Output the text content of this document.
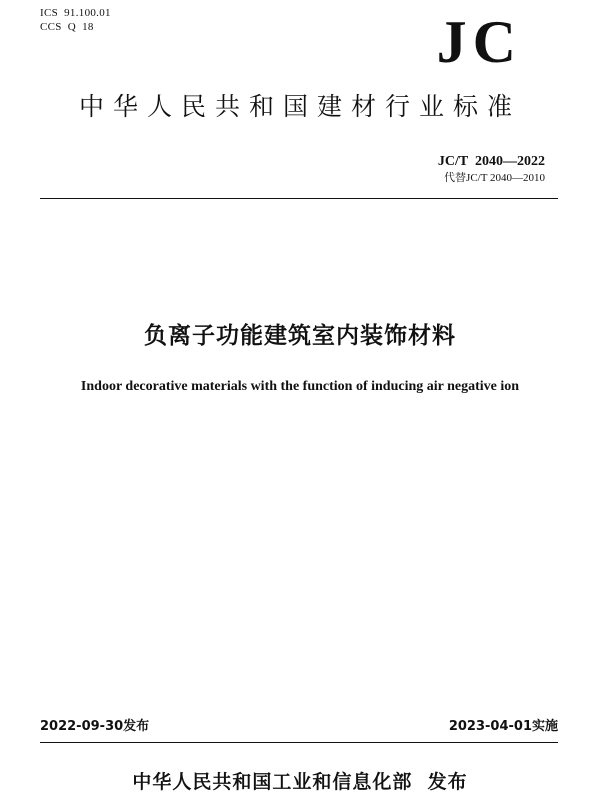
ICS  91.100.01
CCS  Q  18	JC
中华人民共和国建材行业标准
JC/T  2040—2022
代替JC/T 2040—2010
负离子功能建筑室内装饰材料
Indoor decorative materials with the function of inducing air negative ion
2022-09-30发布	2023-04-01实施
中华人民共和国工业和信息化部  发布
